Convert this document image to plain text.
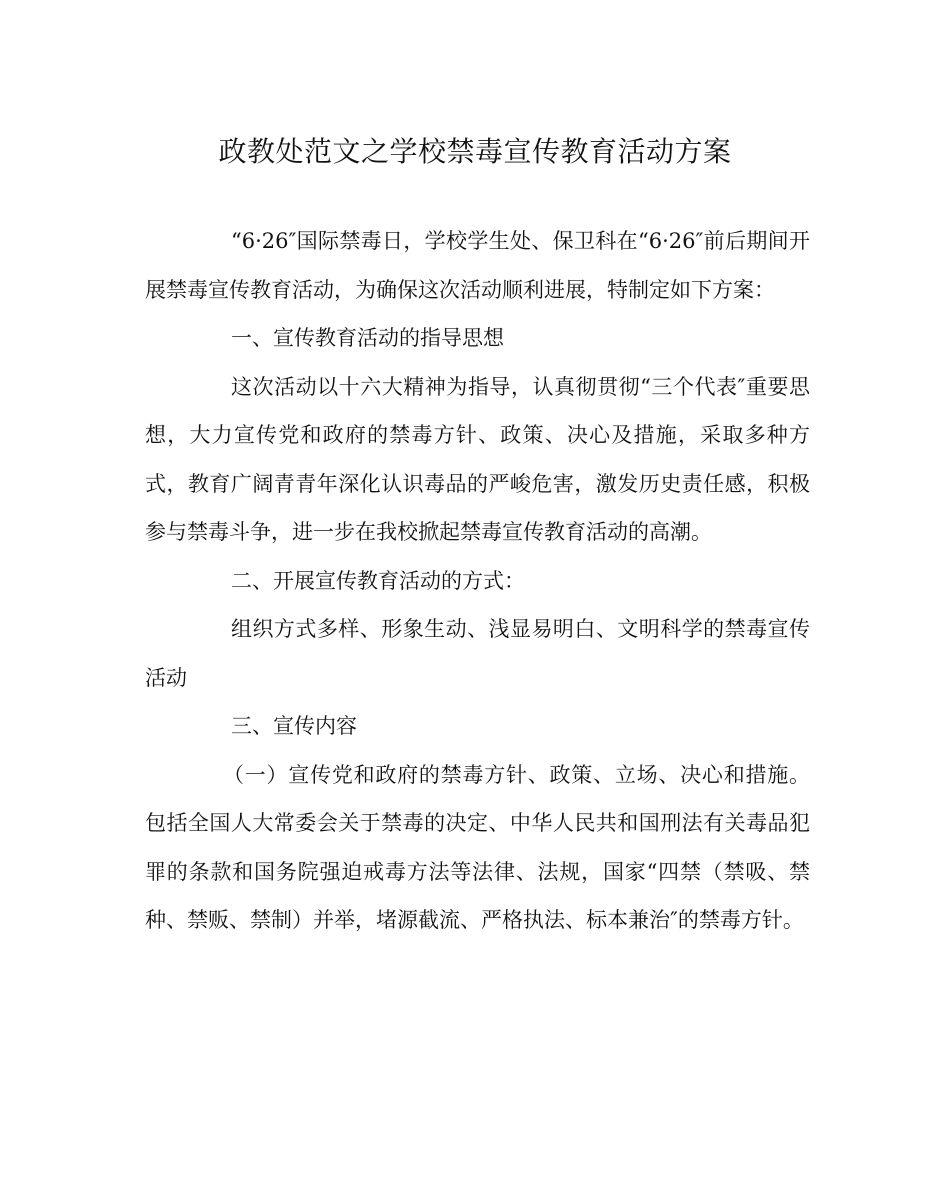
政教处范文之学校禁毒宣传教育活动方案

“6·26″国际禁毒日，学校学生处、保卫科在“6·26″前后期间开展禁毒宣传教育活动，为确保这次活动顺利进展，特制定如下方案：

一、宣传教育活动的指导思想

这次活动以十六大精神为指导，认真彻贯彻“三个代表″重要思想，大力宣传党和政府的禁毒方针、政策、决心及措施，采取多种方式，教育广阔青青年深化认识毒品的严峻危害，激发历史责任感，积极参与禁毒斗争，进一步在我校掀起禁毒宣传教育活动的高潮。

二、开展宣传教育活动的方式：

组织方式多样、形象生动、浅显易明白、文明科学的禁毒宣传活动

三、宣传内容

（一）宣传党和政府的禁毒方针、政策、立场、决心和措施。包括全国人大常委会关于禁毒的决定、中华人民共和国刑法有关毒品犯罪的条款和国务院强迫戒毒方法等法律、法规，国家“四禁（禁吸、禁种、禁贩、禁制）并举，堵源截流、严格执法、标本兼治″的禁毒方针。
